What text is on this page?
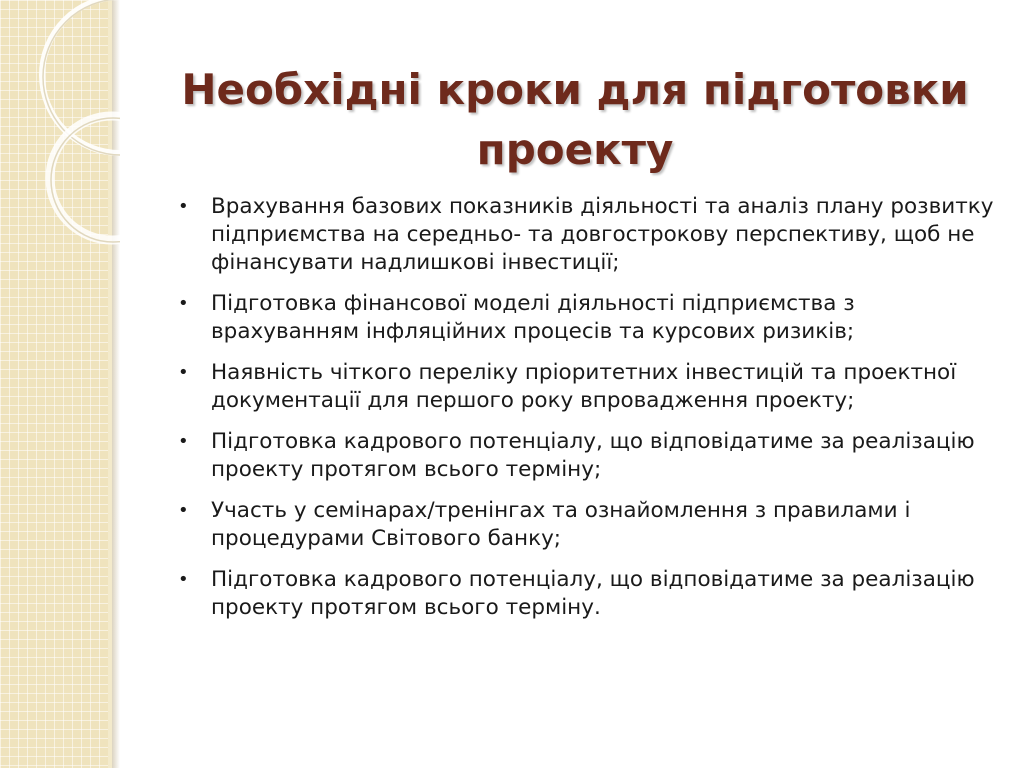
Необхідні кроки для підготовки проекту
• Врахування базових показників діяльності та аналіз плану розвитку підприємства на середньо- та довгострокову перспективу, щоб не фінансувати надлишкові інвестиції;
• Підготовка фінансової моделі діяльності підприємства з врахуванням інфляційних процесів та курсових ризиків;
• Наявність чіткого переліку пріоритетних інвестицій та проектної документації для першого року впровадження проекту;
• Підготовка кадрового потенціалу, що відповідатиме за реалізацію проекту протягом всього терміну;
• Участь у семінарах/тренінгах та ознайомлення з правилами і процедурами Світового банку;
• Підготовка кадрового потенціалу, що відповідатиме за реалізацію проекту протягом всього терміну.
